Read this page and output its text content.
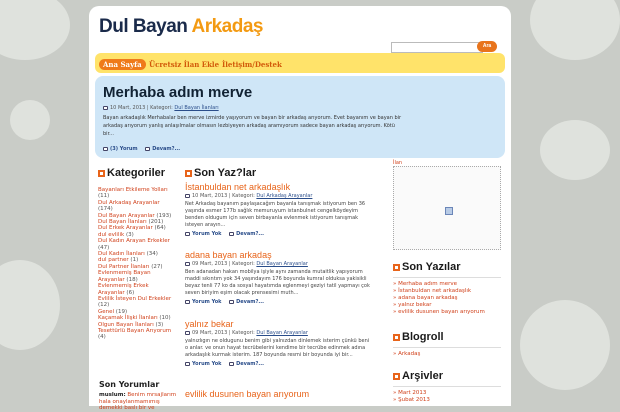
Dul Bayan Arkadaş
Ara
Ana Sayfa	Ücretsiz İlan Ekle İletişim/Destek
Merhaba adım merve
10 Mart, 2013 | Kategori: Dul Bayan İlanları
Bayan arkadaşlık Merhabalar ben merve izmirde yaşıyorum ve bayan bir arkadaş arıyorum. Evet bayanım ve bayan bir arkadaş arıyorum yanlış anlaşılmalar olmasın lezbiyeyen arkadaş aramıyorum sadece bayan arkadaş arıyorum. Kötü bir...
(3) Yorum	Devam?...
Kategoriler
Bayanları Etkileme Yolları (11)
Dul Arkadaş Arayanlar (174)
Dul Bayan Arayanlar (193)
Dul Bayan İlanları (201)
Dul Erkek Arayanlar (64)
dul evlilik (3)
Dul Kadın Arayan Erkekler (47)
Dul Kadın İlanları (34)
dul partner (1)
Dul Partner İlanları (27)
Evlenmemiş Bayan Arayanlar (18)
Evlenmemiş Erkek Arayanlar (6)
Evlilik İsteyen Dul Erkekler (12)
Genel (19)
Kaçamak İlişki İlanları (10)
Olgun Bayan İlanları (3)
Tesettürlü Bayan Arıyorum (4)
Son Yorumlar
muslum: Benim mrsajlarım hala onaylanmamımış demekki baslı bir ve
Son Yaz?lar
İstanbuldan net arkadaşlık
10 Mart, 2013 | Kategori: Dul Arkadaş Arayanlar
Net Arkadaş bayanım paylaşacağım bayanla tanışmak istiyorum ben 36 yaşında esmer 177b sağlık memuruyum istanbulnet cengelköydeyim benden oldugum için seven birbayanla evlenmek istiyorum tanışmak isteyen arayın...
Yorum Yok	Devam?...
adana bayan arkadaş
09 Mart, 2013 | Kategori: Dul Bayan Arayanlar
Ben adanadan hakan mobilya işiyle aynı zamanda mutaitlik yapıyorum maddi sıkıntım yok 34 yaşındayım 176 boyunda kumral olduksa yakisikli beyaz tenli 77 ko da sosyal hayatımda eglenmeyi geziyi tatil yapmayı çok seven biriyim eşim olacak prensesimi muth...
Yorum Yok	Devam?...
yalnız bekar
09 Mart, 2013 | Kategori: Dul Bayan Arayanlar
yalnızlıgın ne oldugunu benim gibi yalnızdan dinlemek isterim çünkü beni o anlar. ve onun hayat tecrübelerini kendime bir tecrübe edinmek adına arkadaşlık kurmak isterim. 187 boyunda resmi bir boyunda iyi bir...
Yorum Yok	Devam?...
evlilik dusunen bayan arıyorum
İlan
Son Yazılar
» Merhaba adım merve
» İstanbuldan net arkadaşlık
» adana bayan arkadaş
» yalnız bekar
» evlilik dusunen bayan arıyorum
Blogroll
» Arkadaş
Arşivler
» Mart 2013
» Şubat 2013
